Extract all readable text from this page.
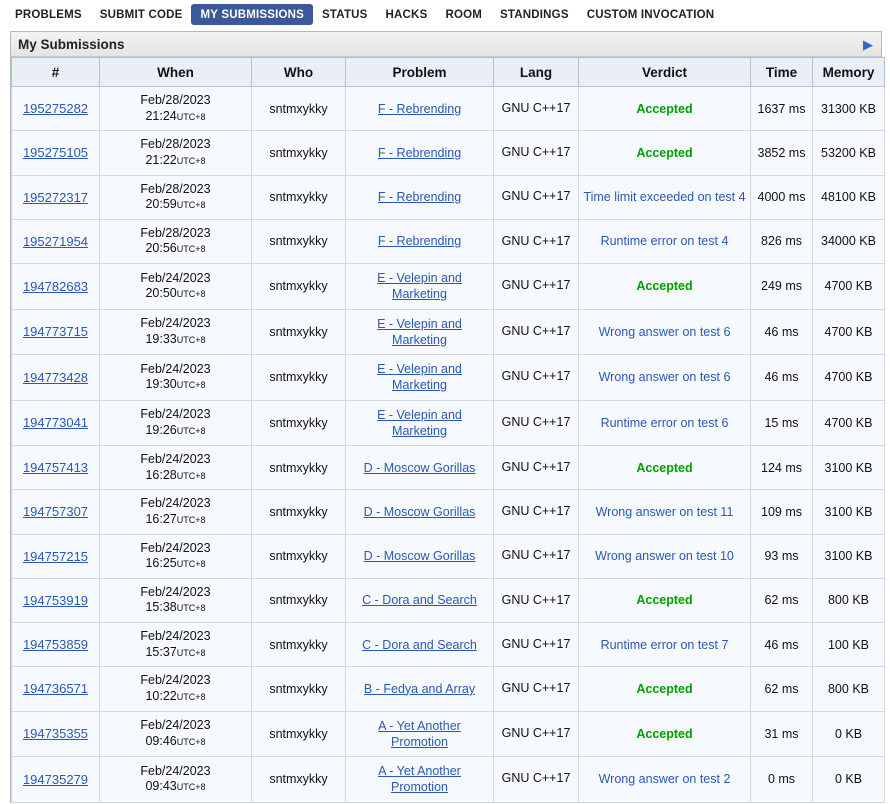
PROBLEMS	SUBMIT CODE	MY SUBMISSIONS	STATUS	HACKS	ROOM	STANDINGS	CUSTOM INVOCATION
My Submissions	▶
#	When	Who	Problem	Lang	Verdict	Time	Memory
195275282	Feb/28/2023
21:24UTC+8	sntmxykky	F - Rebrending	GNU C++17	Accepted	1637 ms	31300 KB
195275105	Feb/28/2023
21:22UTC+8	sntmxykky	F - Rebrending	GNU C++17	Accepted	3852 ms	53200 KB
195272317	Feb/28/2023
20:59UTC+8	sntmxykky	F - Rebrending	GNU C++17	Time limit exceeded on test 4	4000 ms	48100 KB
195271954	Feb/28/2023
20:56UTC+8	sntmxykky	F - Rebrending	GNU C++17	Runtime error on test 4	826 ms	34000 KB
194782683	Feb/24/2023
20:50UTC+8	sntmxykky	E - Velepin and Marketing	GNU C++17	Accepted	249 ms	4700 KB
194773715	Feb/24/2023
19:33UTC+8	sntmxykky	E - Velepin and Marketing	GNU C++17	Wrong answer on test 6	46 ms	4700 KB
194773428	Feb/24/2023
19:30UTC+8	sntmxykky	E - Velepin and Marketing	GNU C++17	Wrong answer on test 6	46 ms	4700 KB
194773041	Feb/24/2023
19:26UTC+8	sntmxykky	E - Velepin and Marketing	GNU C++17	Runtime error on test 6	15 ms	4700 KB
194757413	Feb/24/2023
16:28UTC+8	sntmxykky	D - Moscow Gorillas	GNU C++17	Accepted	124 ms	3100 KB
194757307	Feb/24/2023
16:27UTC+8	sntmxykky	D - Moscow Gorillas	GNU C++17	Wrong answer on test 11	109 ms	3100 KB
194757215	Feb/24/2023
16:25UTC+8	sntmxykky	D - Moscow Gorillas	GNU C++17	Wrong answer on test 10	93 ms	3100 KB
194753919	Feb/24/2023
15:38UTC+8	sntmxykky	C - Dora and Search	GNU C++17	Accepted	62 ms	800 KB
194753859	Feb/24/2023
15:37UTC+8	sntmxykky	C - Dora and Search	GNU C++17	Runtime error on test 7	46 ms	100 KB
194736571	Feb/24/2023
10:22UTC+8	sntmxykky	B - Fedya and Array	GNU C++17	Accepted	62 ms	800 KB
194735355	Feb/24/2023
09:46UTC+8	sntmxykky	A - Yet Another Promotion	GNU C++17	Accepted	31 ms	0 KB
194735279	Feb/24/2023
09:43UTC+8	sntmxykky	A - Yet Another Promotion	GNU C++17	Wrong answer on test 2	0 ms	0 KB
